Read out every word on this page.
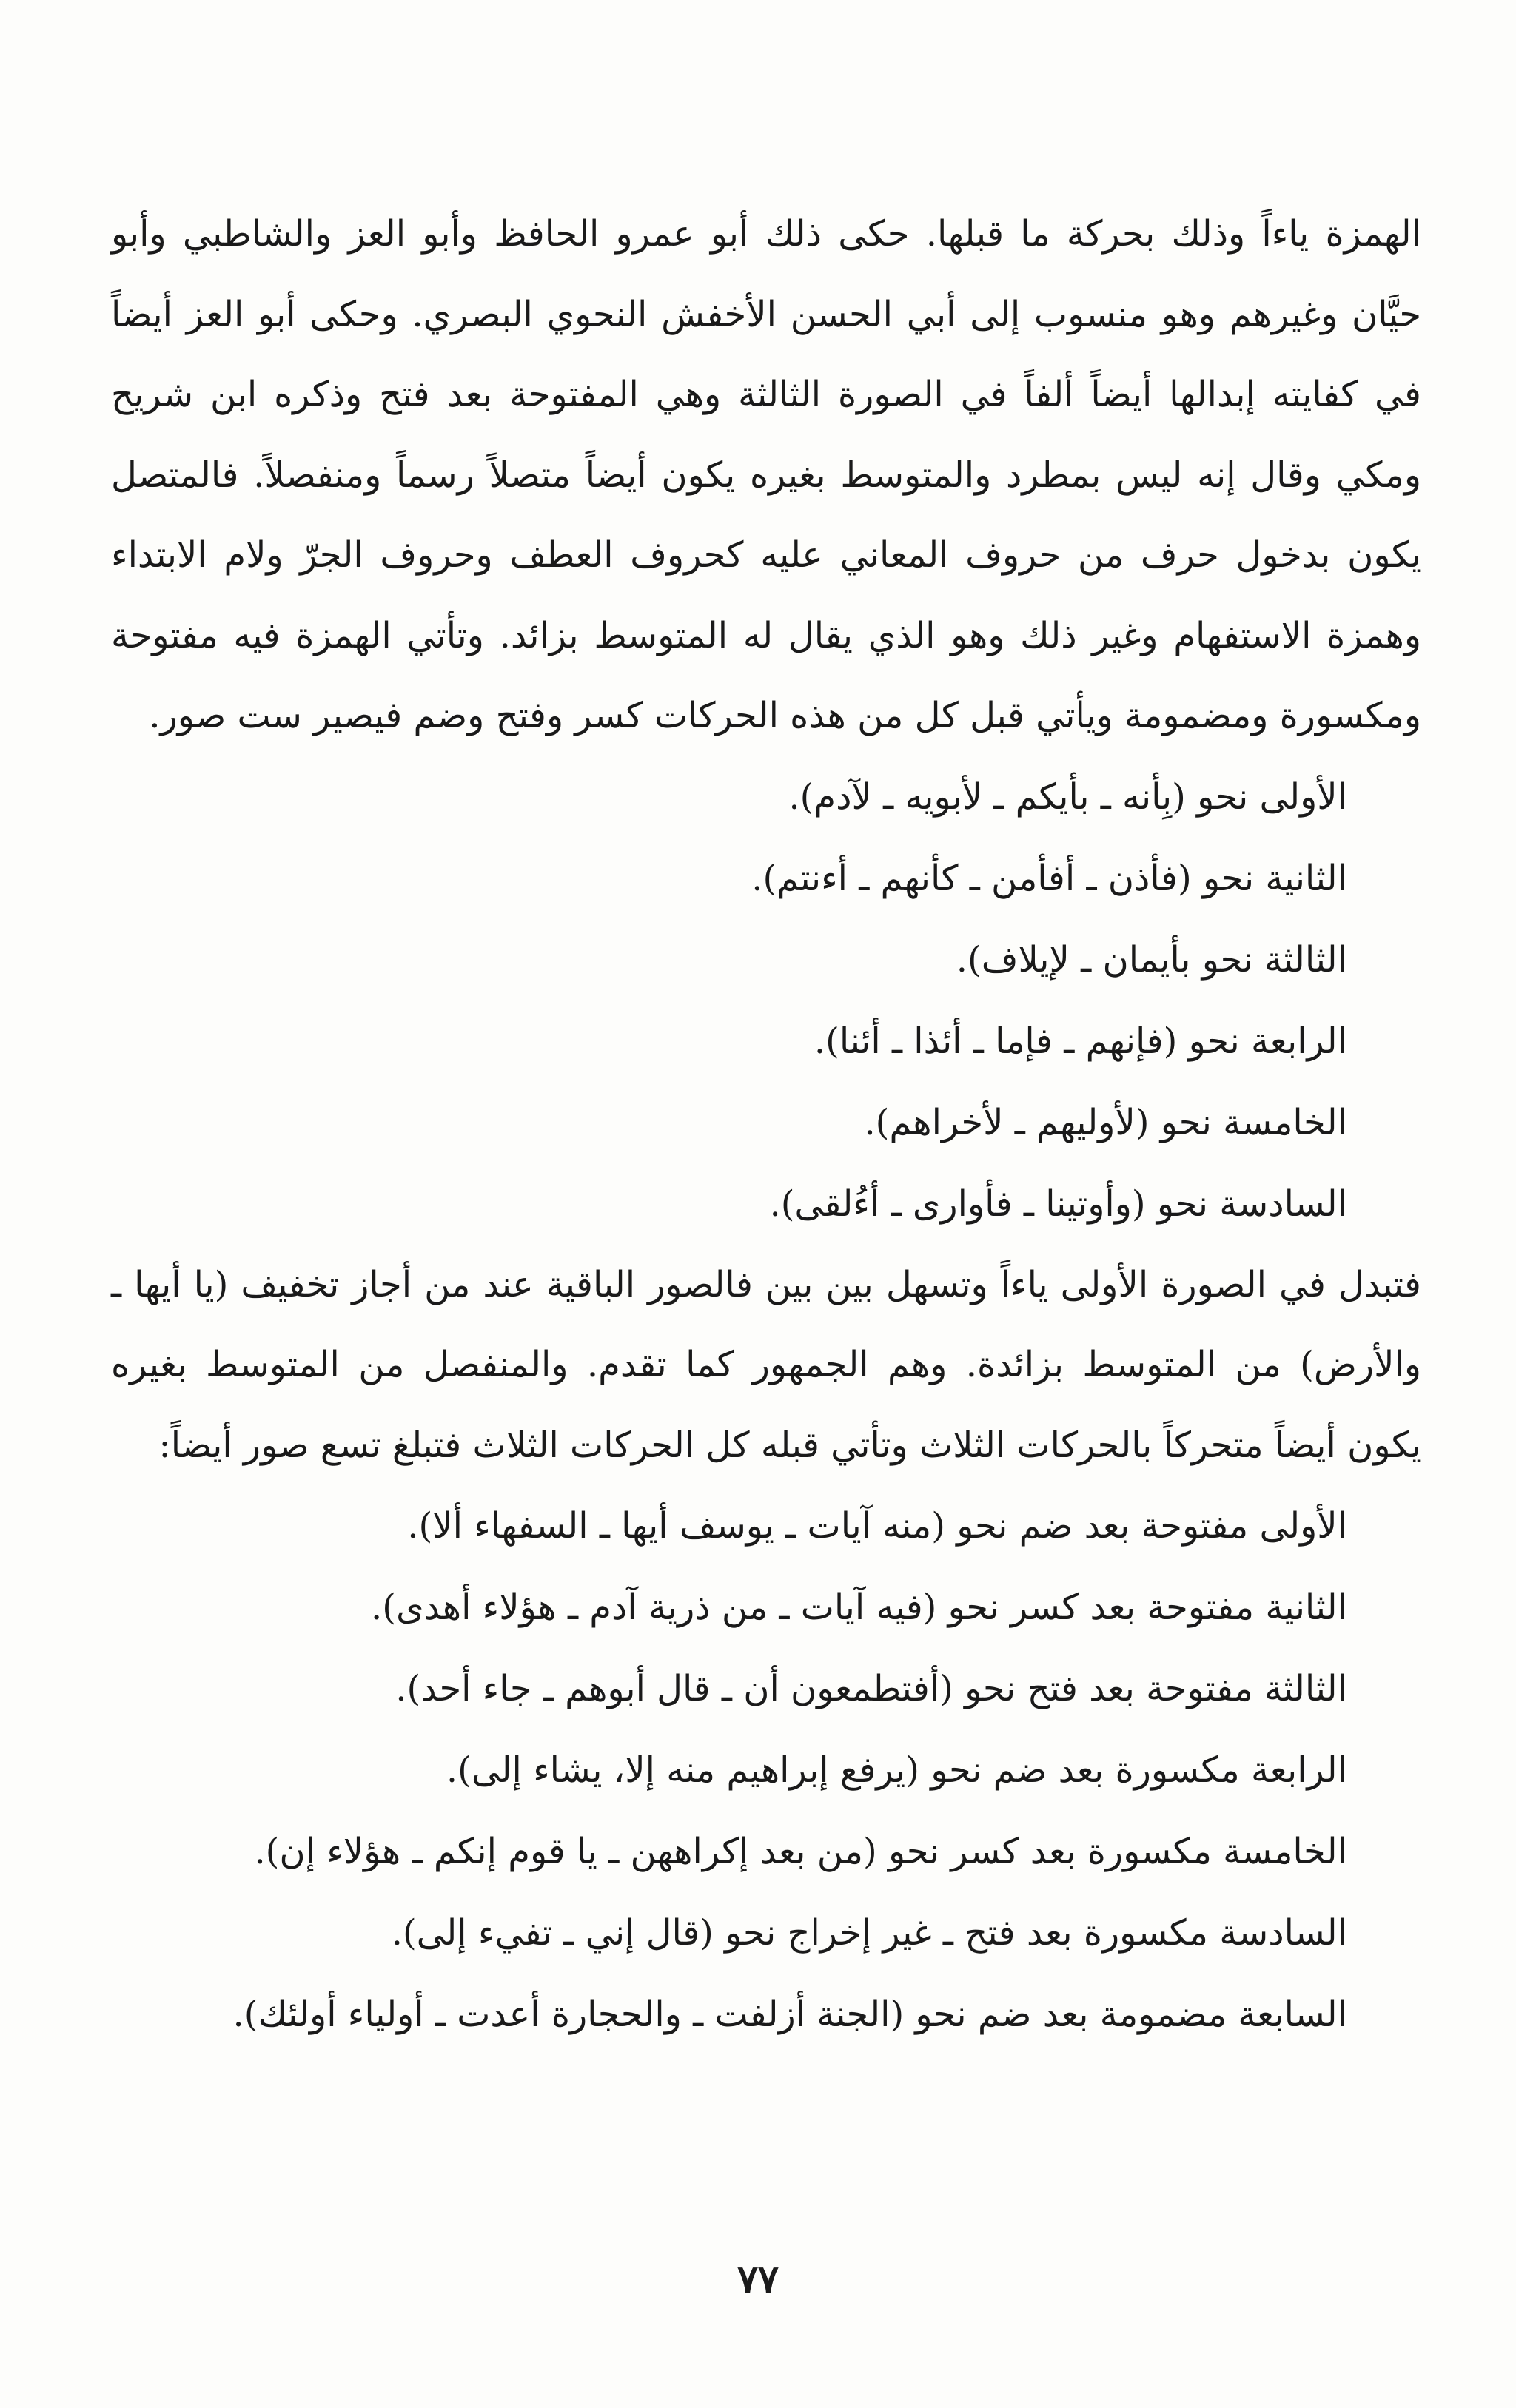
الهمزة ياءاً وذلك بحركة ما قبلها. حكى ذلك أبو عمرو الحافظ وأبو العز والشاطبي وأبو حيَّان وغيرهم وهو منسوب إلى أبي الحسن الأخفش النحوي البصري. وحكى أبو العز أيضاً في كفايته إبدالها أيضاً ألفاً في الصورة الثالثة وهي المفتوحة بعد فتح وذكره ابن شريح ومكي وقال إنه ليس بمطرد والمتوسط بغيره يكون أيضاً متصلاً رسماً ومنفصلاً. فالمتصل يكون بدخول حرف من حروف المعاني عليه كحروف العطف وحروف الجرّ ولام الابتداء وهمزة الاستفهام وغير ذلك وهو الذي يقال له المتوسط بزائد. وتأتي الهمزة فيه مفتوحة ومكسورة ومضمومة ويأتي قبل كل من هذه الحركات كسر وفتح وضم فيصير ست صور.

الأولى نحو (بِأنه ـ بأيكم ـ لأبويه ـ لآدم).

الثانية نحو (فأذن ـ أفأمن ـ كأنهم ـ أءنتم).

الثالثة نحو بأيمان ـ لإيلاف).

الرابعة نحو (فإنهم ـ فإما ـ أئذا ـ أئنا).

الخامسة نحو (لأوليهم ـ لأخراهم).

السادسة نحو (وأوتينا ـ فأوارى ـ أءُلقى).

فتبدل في الصورة الأولى ياءاً وتسهل بين بين فالصور الباقية عند من أجاز تخفيف (يا أيها ـ والأرض) من المتوسط بزائدة. وهم الجمهور كما تقدم. والمنفصل من المتوسط بغيره يكون أيضاً متحركاً بالحركات الثلاث وتأتي قبله كل الحركات الثلاث فتبلغ تسع صور أيضاً:

الأولى مفتوحة بعد ضم نحو (منه آيات ـ يوسف أيها ـ السفهاء ألا).

الثانية مفتوحة بعد كسر نحو (فيه آيات ـ من ذرية آدم ـ هؤلاء أهدى).

الثالثة مفتوحة بعد فتح نحو (أفتطمعون أن ـ قال أبوهم ـ جاء أحد).

الرابعة مكسورة بعد ضم نحو (يرفع إبراهيم منه إلا، يشاء إلى).

الخامسة مكسورة بعد كسر نحو (من بعد إكراههن ـ يا قوم إنكم ـ هؤلاء إن).

السادسة مكسورة بعد فتح ـ غير إخراج نحو (قال إني ـ تفيء إلى).

السابعة مضمومة بعد ضم نحو (الجنة أزلفت ـ والحجارة أعدت ـ أولياء أولئك).

٧٧
